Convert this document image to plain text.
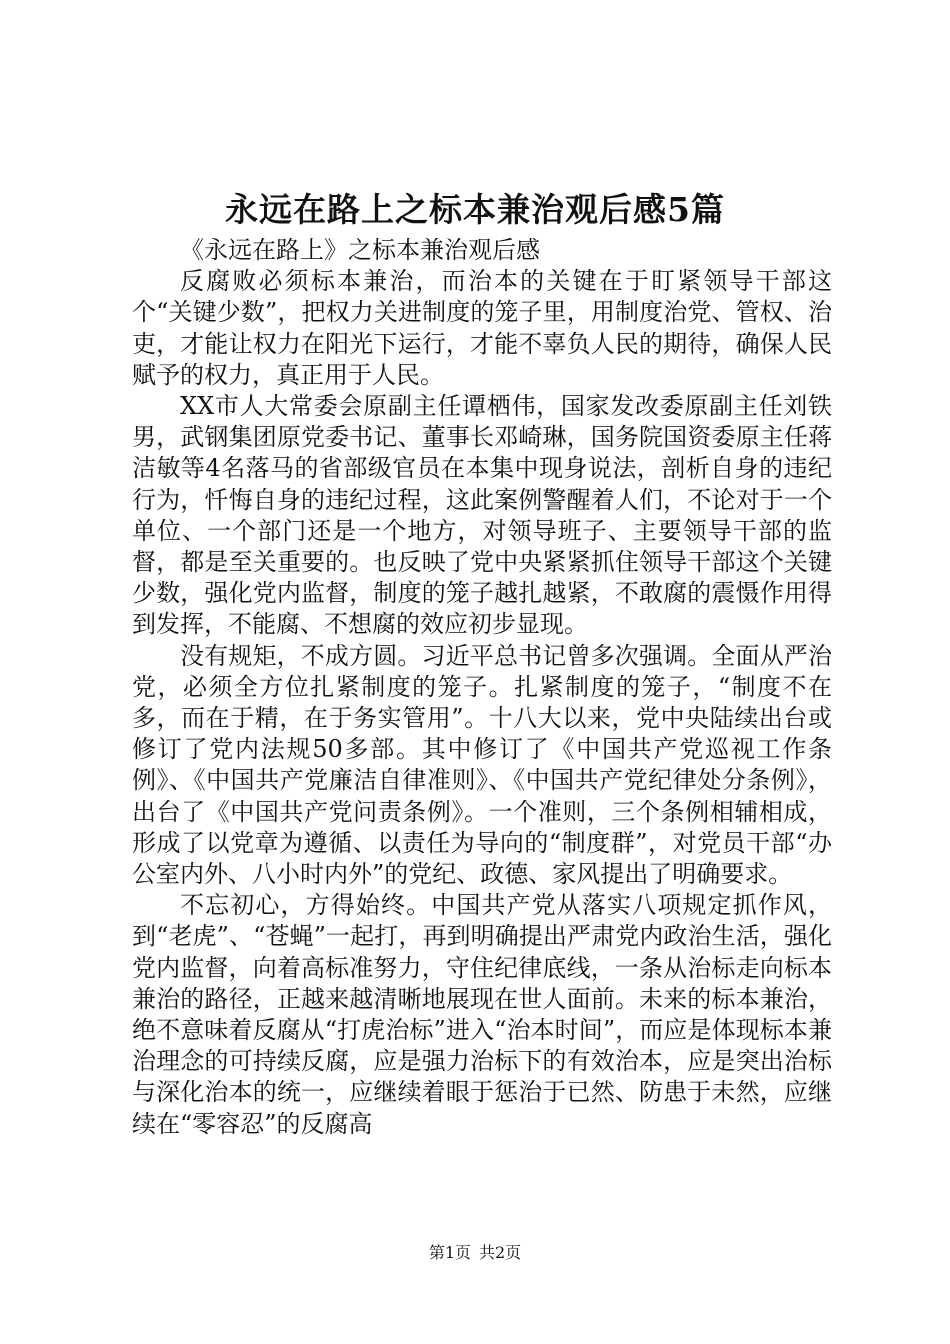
永远在路上之标本兼治观后感5篇

《永远在路上》之标本兼治观后感

反腐败必须标本兼治，而治本的关键在于盯紧领导干部这个“关键少数”，把权力关进制度的笼子里，用制度治党、管权、治吏，才能让权力在阳光下运行，才能不辜负人民的期待，确保人民赋予的权力，真正用于人民。

XX市人大常委会原副主任谭栖伟，国家发改委原副主任刘铁男，武钢集团原党委书记、董事长邓崎琳，国务院国资委原主任蒋洁敏等4名落马的省部级官员在本集中现身说法，剖析自身的违纪行为，忏悔自身的违纪过程，这此案例警醒着人们，不论对于一个单位、一个部门还是一个地方，对领导班子、主要领导干部的监督，都是至关重要的。也反映了党中央紧紧抓住领导干部这个关键少数，强化党内监督，制度的笼子越扎越紧，不敢腐的震慑作用得到发挥，不能腐、不想腐的效应初步显现。

没有规矩，不成方圆。习近平总书记曾多次强调。全面从严治党，必须全方位扎紧制度的笼子。扎紧制度的笼子，“制度不在多，而在于精，在于务实管用”。十八大以来，党中央陆续出台或修订了党内法规50多部。其中修订了《中国共产党巡视工作条例》、《中国共产党廉洁自律准则》、《中国共产党纪律处分条例》，出台了《中国共产党问责条例》。一个准则，三个条例相辅相成，形成了以党章为遵循、以责任为导向的“制度群”，对党员干部“办公室内外、八小时内外”的党纪、政德、家风提出了明确要求。

不忘初心，方得始终。中国共产党从落实八项规定抓作风，到“老虎”、“苍蝇”一起打，再到明确提出严肃党内政治生活，强化党内监督，向着高标准努力，守住纪律底线，一条从治标走向标本兼治的路径，正越来越清晰地展现在世人面前。未来的标本兼治，绝不意味着反腐从“打虎治标”进入“治本时间”，而应是体现标本兼治理念的可持续反腐，应是强力治标下的有效治本，应是突出治标与深化治本的统一，应继续着眼于惩治于已然、防患于未然，应继续在“零容忍”的反腐高

第1页 共2页
